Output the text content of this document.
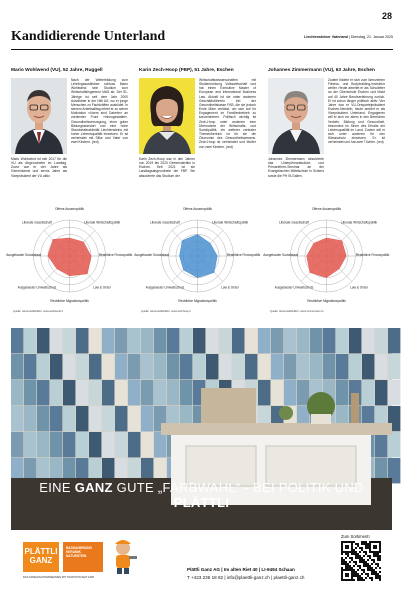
28
Kandidierende Unterland	Liechtensteiner Vaterland | Dienstag, 21. Januar 2025
Mario Wohlwend (VU), 52 Jahre, Ruggell
Nach der Weiterbildung zum Lehrlingsausbildner schloss Mario Wohlwend sein Studium zum Wirtschaftsingenieur MAS ab. Der 51-Jährige ist seit dem Jahr 2000 Ausbildner in der Hilti AG, wo er junge Menschen zu Fachkräften ausbildet. In seinem Arbeitsalltag erlebt er zu seiner Motivation «Users sind Daheim» an vorderster Front «hinzugestaltet». Gesundheitsversorgung, einer guten Bildungsstandort und eine hohe Standortattraktivität Liechtensteins mit hoher Lebensqualität einsetzen. Er ist verheiratet mit Silke und Vater von zwei Kindern. (red)
Mario Wohlwend ist seit 2017 für die VU als Abgeordneter im Landtag. Zuvor war er vier Jahre als Gemeinderat und sechs Jahre als Vizepräsident der VU aktiv.
Offene Aussenpolitik
Liberale Wirtschaftspolitik
Restriktive Finanzpolitik
Law & Order
Restriktive Migrationspolitik
Ausgebauter Umweltschutz
Ausgebauter Sozialstaat
Liberale Gesellschaft
Quelle: wienerwahl/Hilti.li, www.wohlwend.li
Karin Zech-Hoop (FBP), 51 Jahre, Eschen
Wirtschaftswissenschaften mit Studienrichtung Volkswirtschaft und hat einen Executive Master of European and International Business Law. Aktuell ist sie unter anderem Geschäftsführerin bei der Gesundheitskasse FKB, die sie jedoch Ende März verlässt, um sich auf ihr Engagement im Familienbetrieb zu konzentrieren. Politisch wichtig ist Zech-Hoop unter anderem eine Übernahme der Wirtschafts- und Sozialpolitik, ein weiterer zentraler Themenbereich ist für sie die Ökonomie des Gesundheitswesens. Zech-Hoop ist verheiratet und Mutter von zwei Kindern. (red)
Karin Zech-Hoop war in den Jahren von 2019 bis 2023 Gemeinderätin in Eschen. Seit 2021 ist sie Landtagsabgeordnete der FBP. Sie absolvierte das Studium der
Offene Aussenpolitik
Liberale Wirtschaftspolitik
Restriktive Finanzpolitik
Law & Order
Restriktive Migrationspolitik
Ausgebauter Umweltschutz
Ausgebauter Sozialstaat
Liberale Gesellschaft
Quelle: wienerwahl/Hilti.li, www.zechhoop.li
Johannes Zimmermann (VU), 63 Jahre, Eschen
Zudem bildete er sich zum lizenzierten Fitness- und Bodybuilding-Instruktor weiter. Heute arbeitet er als Schulleiter an der Oberschule Eschen und blickt auf 40 Jahre Berufserfahrung zurück. Er ist schon länger politisch aktiv: Vier Jahre war er VU-Ortsparteipräsident Eschen-Nendeln, heute amtiert er als Vizepräsident Unterland. Engagieren will er sich vor allem in den Bereichen Verkehr, Bildung und Gesundheit, besonders im Sinne des Erhalts der Lebensqualität im Land. Zudem will er sich unter anderem für den Klimaschutz einsetzen. Er ist verheiratet und hat zwei Töchter. (red)
Johannes Zimmermann absolvierte das Unterprimarstudium und Primarlehrer-Seminar an der Evangelischen Mittelschule in Schiers sowie die PH St.Gallen.
Offene Aussenpolitik
Liberale Wirtschaftspolitik
Restriktive Finanzpolitik
Law & Order
Restriktive Migrationspolitik
Ausgebauter Umweltschutz
Ausgebauter Sozialstaat
Liberale Gesellschaft
Quelle: wienerwahl/Hilti.li, www.zimmermann.li
EINE GANZ GUTE „FARBWAHL“ - BEI POLITIK UND PLÄTTLI
PLÄTTLI
GANZ
BADSANIERUNG KERAMIK NATURSTEIN
DAS FAMILIENUNTERNEHMEN MIT TRADITION SEIT 1938
Plättli Ganz AG | Im alten Riet 40 | LI-9494 Schaan
T +423 236 18 82 | info@plaettli-ganz.ch | plaettli-ganz.ch
Zum Sortiment!
